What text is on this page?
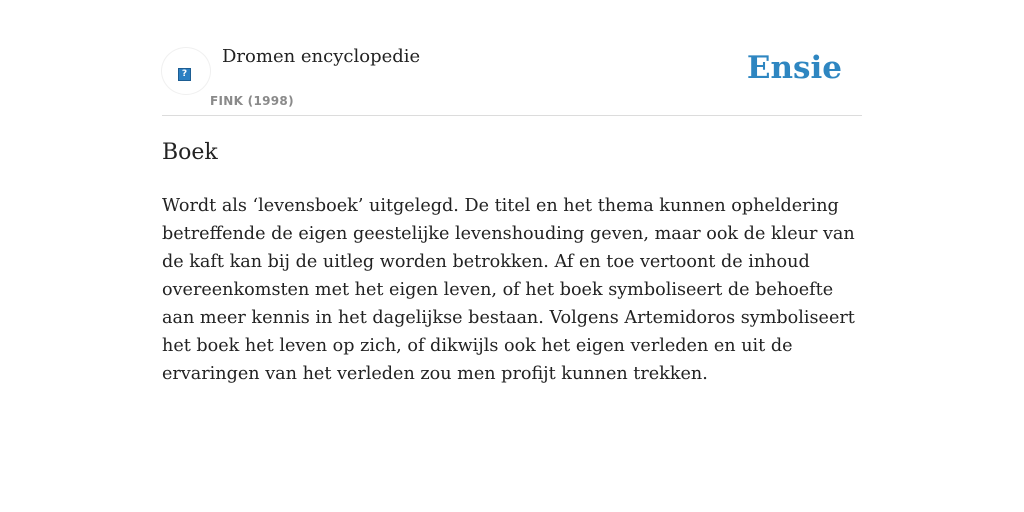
?
Dromen encyclopedie
FINK (1998)
Ensie
Boek

Wordt als ‘levensboek’ uitgelegd. De titel en het thema kunnen opheldering betreffende de eigen geestelijke levenshouding geven, maar ook de kleur van de kaft kan bij de uitleg worden betrokken. Af en toe vertoont de inhoud overeenkomsten met het eigen leven, of het boek symboliseert de behoefte aan meer kennis in het dagelijkse bestaan. Volgens Artemidoros symboliseert het boek het leven op zich, of dikwijls ook het eigen verleden en uit de ervaringen van het verleden zou men profijt kunnen trekken.
